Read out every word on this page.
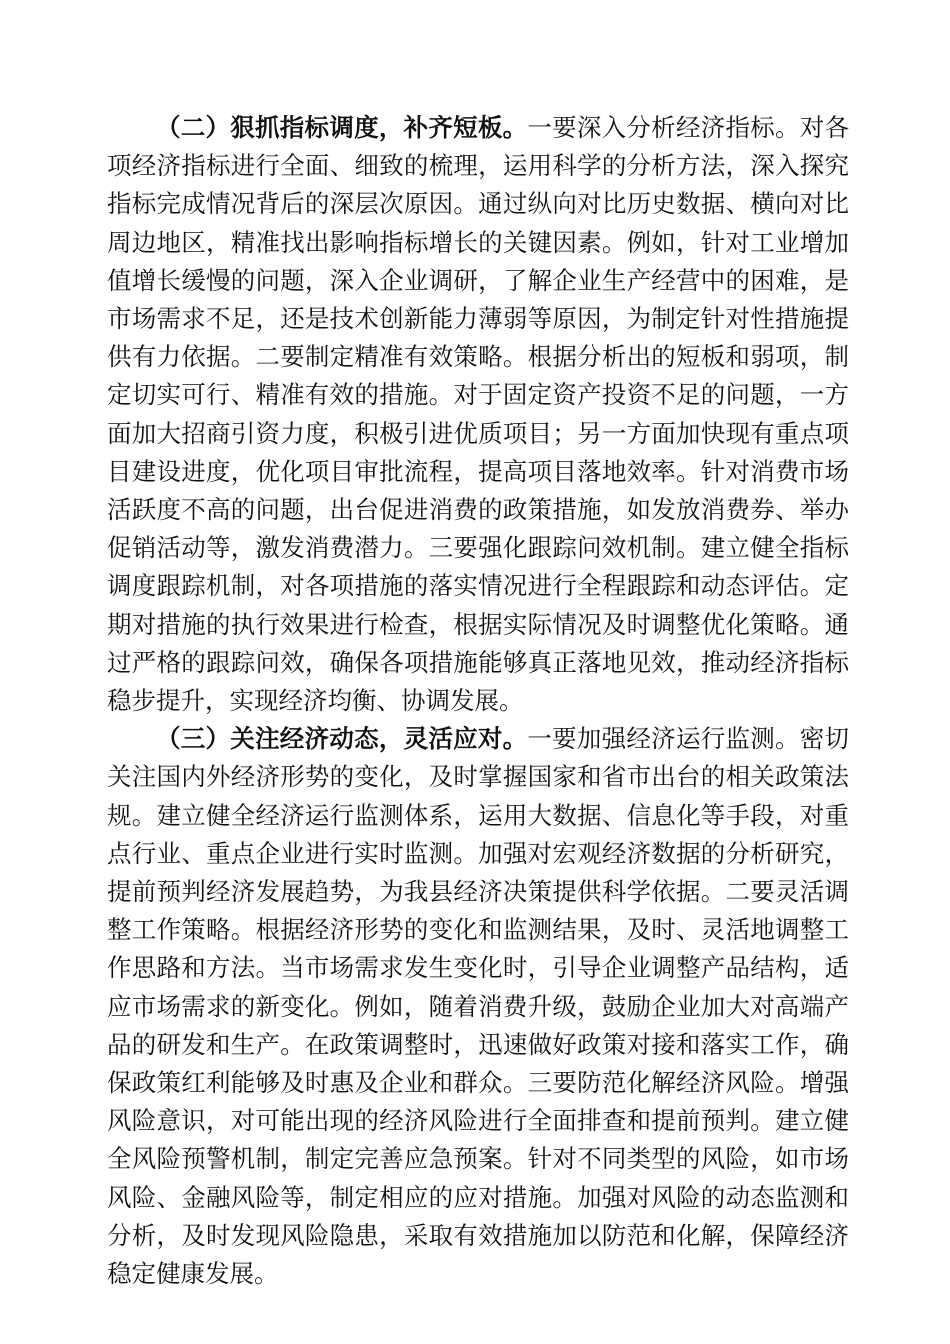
（二）狠抓指标调度，补齐短板。一要深入分析经济指标。对各项经济指标进行全面、细致的梳理，运用科学的分析方法，深入探究指标完成情况背后的深层次原因。通过纵向对比历史数据、横向对比周边地区，精准找出影响指标增长的关键因素。例如，针对工业增加值增长缓慢的问题，深入企业调研，了解企业生产经营中的困难，是市场需求不足，还是技术创新能力薄弱等原因，为制定针对性措施提供有力依据。二要制定精准有效策略。根据分析出的短板和弱项，制定切实可行、精准有效的措施。对于固定资产投资不足的问题，一方面加大招商引资力度，积极引进优质项目；另一方面加快现有重点项目建设进度，优化项目审批流程，提高项目落地效率。针对消费市场活跃度不高的问题，出台促进消费的政策措施，如发放消费券、举办促销活动等，激发消费潜力。三要强化跟踪问效机制。建立健全指标调度跟踪机制，对各项措施的落实情况进行全程跟踪和动态评估。定期对措施的执行效果进行检查，根据实际情况及时调整优化策略。通过严格的跟踪问效，确保各项措施能够真正落地见效，推动经济指标稳步提升，实现经济均衡、协调发展。

（三）关注经济动态，灵活应对。一要加强经济运行监测。密切关注国内外经济形势的变化，及时掌握国家和省市出台的相关政策法规。建立健全经济运行监测体系，运用大数据、信息化等手段，对重点行业、重点企业进行实时监测。加强对宏观经济数据的分析研究，提前预判经济发展趋势，为我县经济决策提供科学依据。二要灵活调整工作策略。根据经济形势的变化和监测结果，及时、灵活地调整工作思路和方法。当市场需求发生变化时，引导企业调整产品结构，适应市场需求的新变化。例如，随着消费升级，鼓励企业加大对高端产品的研发和生产。在政策调整时，迅速做好政策对接和落实工作，确保政策红利能够及时惠及企业和群众。三要防范化解经济风险。增强风险意识，对可能出现的经济风险进行全面排查和提前预判。建立健全风险预警机制，制定完善应急预案。针对不同类型的风险，如市场风险、金融风险等，制定相应的应对措施。加强对风险的动态监测和分析，及时发现风险隐患，采取有效措施加以防范和化解，保障经济稳定健康发展。
